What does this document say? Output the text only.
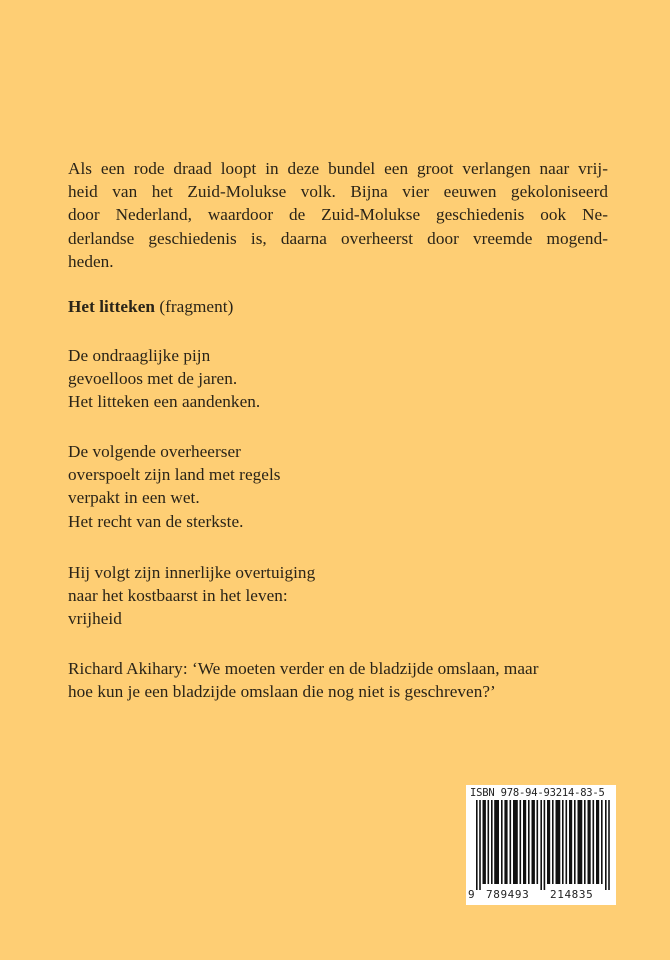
Als een rode draad loopt in deze bundel een groot verlangen naar vrij-
heid van het Zuid-Molukse volk. Bijna vier eeuwen gekoloniseerd
door Nederland, waardoor de Zuid-Molukse geschiedenis ook Ne-
derlandse geschiedenis is, daarna overheerst door vreemde mogend-
heden.
Het litteken (fragment)
De ondraaglijke pijn
gevoelloos met de jaren.
Het litteken een aandenken.
De volgende overheerser
overspoelt zijn land met regels
verpakt in een wet.
Het recht van de sterkste.
Hij volgt zijn innerlijke overtuiging
naar het kostbaarst in het leven:
vrijheid
Richard Akihary: ‘We moeten verder en de bladzijde omslaan, maar
hoe kun je een bladzijde omslaan die nog niet is geschreven?’
ISBN 978-94-93214-83-5
9 789493 214835
